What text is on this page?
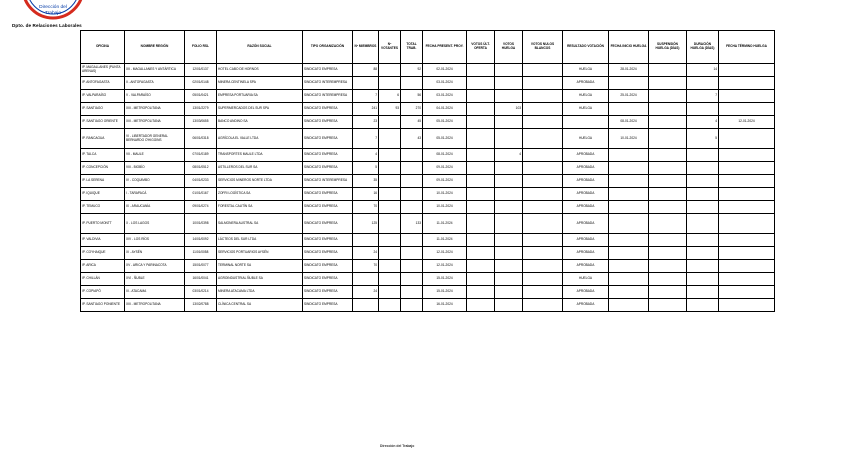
Dirección del
Trabajo
Dpto. de Relaciones Laborales
OFICINA	NOMBRE REGIÓN	FOLIO RSL	RAZÓN SOCIAL	TIPO ORGANIZACIÓN	Nº MIEMBROS	Nº VOTANTES	TOTAL TRAB.	FECHA PRESENT. PROY.	VOTOS ÚLT. OFERTA	VOTOS HUELGA	VOTOS NULOS BLANCOS	RESULTADO VOTACIÓN	FECHA INICIO HUELGA	SUSPENSIÓN HUELGA (DÍAS)	DURACIÓN HUELGA (DÍAS)	FECHA TÉRMINO HUELGA
IP. MAGALLANES (PUNTA ARENAS)	XII - MAGALLANES Y ANTÁRTICA	12/01/0137	HOTEL CABO DE HORNOS	SINDICATO EMPRESA	88		92	02-01-2024				HUELGA	28-01-2024		14	
IP. ANTOFAGASTA	II - ANTOFAGASTA	02/01/0148	MINERA CENTINELA SPA	SINDICATO INTEREMPRESA				03-01-2024				APROBADA				
IP. VALPARAÍSO	V - VALPARAÍSO	05/01/0421	EMPRESA PORTUARIA SA	SINDICATO INTEREMPRESA	7	6	56	03-01-2024				HUELGA	25-01-2024		7	
IP. SANTIAGO	XIII - METROPOLITANA	13/01/2279	SUPERMERCADOS DEL SUR SPA	SINDICATO EMPRESA	241	93	270	04-01-2024		103		HUELGA				
IP. SANTIAGO ORIENTE	XIII - METROPOLITANA	13/03/0655	BANCO ANDINO SA	SINDICATO EMPRESA	23		45	05-01-2024					08-01-2024		4	12-01-2024
IP. RANCAGUA	VI - LIBERTADOR GENERAL BERNARDO O'HIGGINS	06/01/0318	AGRÍCOLA EL VALLE LTDA	SINDICATO EMPRESA	7		43	05-01-2024				HUELGA	10-01-2024		5	
IP. TALCA	VII - MAULE	07/01/0189	TRANSPORTES MAULE LTDA	SINDICATO EMPRESA	4			08-01-2024		4		APROBADA				
IP. CONCEPCIÓN	VIII - BIOBÍO	08/01/0512	ASTILLEROS DEL SUR SA	SINDICATO EMPRESA	5			09-01-2024				APROBADA				
IP. LA SERENA	IV - COQUIMBO	04/01/0233	SERVICIOS MINEROS NORTE LTDA	SINDICATO INTEREMPRESA	35			09-01-2024				APROBADA				
IP. IQUIQUE	I - TARAPACÁ	01/01/0167	ZOFRI LOGÍSTICA SA	SINDICATO EMPRESA	16			10-01-2024				APROBADA				
IP. TEMUCO	IX - ARAUCANÍA	09/01/0274	FORESTAL CAUTÍN SA	SINDICATO EMPRESA	70			10-01-2024				APROBADA				
IP. PUERTO MONTT	X - LOS LAGOS	10/01/0398	SALMONERA AUSTRAL SA	SINDICATO EMPRESA	125		133	11-01-2024				APROBADA				
IP. VALDIVIA	XIV - LOS RÍOS	14/01/0092	LÁCTEOS DEL SUR LTDA	SINDICATO EMPRESA				11-01-2024				APROBADA				
IP. COYHAIQUE	XI - AYSÉN	11/01/0058	SERVICIOS PORTUARIOS AYSÉN	SINDICATO EMPRESA	24			12-01-2024				APROBADA				
IP. ARICA	XV - ARICA Y PARINACOTA	15/01/0077	TERMINAL NORTE SA	SINDICATO EMPRESA	70			12-01-2024				APROBADA				
IP. CHILLÁN	XVI - ÑUBLE	16/01/0041	AGROINDUSTRIAL ÑUBLE SA	SINDICATO EMPRESA				15-01-2024				HUELGA				
IP. COPIAPÓ	III - ATACAMA	03/01/0214	MINERA ATACAMA LTDA	SINDICATO EMPRESA	24			15-01-2024				APROBADA				
IP. SANTIAGO PONIENTE	XIII - METROPOLITANA	13/02/0788	CLÍNICA CENTRAL SA	SINDICATO EMPRESA				16-01-2024				APROBADA				
Dirección del Trabajo
